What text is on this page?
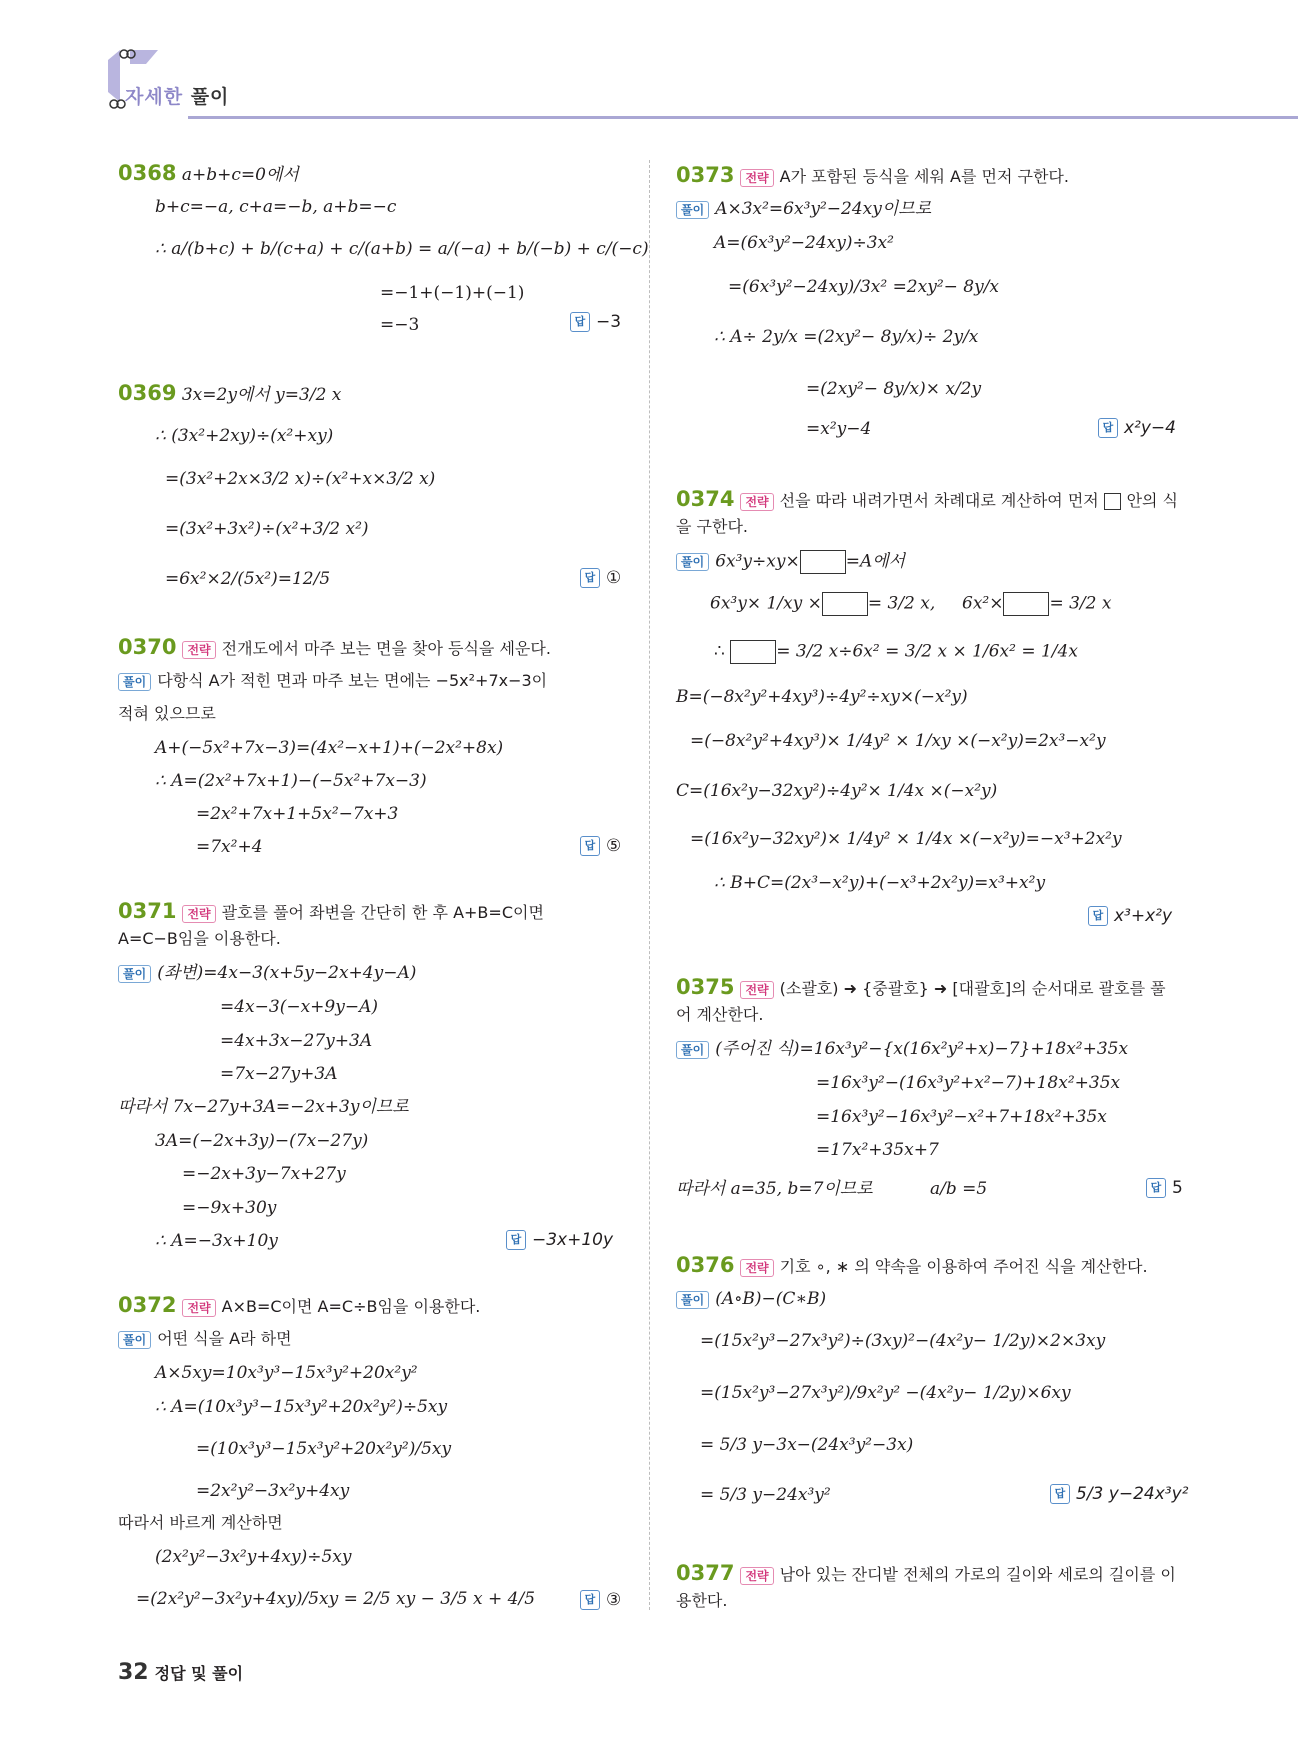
자세한 풀이
0368 a+b+c=0에서
b+c=−a, c+a=−b, a+b=−c
∴ a/(b+c) + b/(c+a) + c/(a+b) = a/(−a) + b/(−b) + c/(−c)
=−1+(−1)+(−1)
=−3	답 −3
0369 3x=2y에서 y=3/2 x
∴ (3x²+2xy)÷(x²+xy)
=(3x²+2x×3/2 x)÷(x²+x×3/2 x)
=(3x²+3x²)÷(x²+3/2 x²)
=6x²×2/(5x²)=12/5	답 ①
0370 전략 전개도에서 마주 보는 면을 찾아 등식을 세운다.
풀이 다항식 A가 적힌 면과 마주 보는 면에는 −5x²+7x−3이
적혀 있으므로
A+(−5x²+7x−3)=(4x²−x+1)+(−2x²+8x)
∴ A=(2x²+7x+1)−(−5x²+7x−3)
=2x²+7x+1+5x²−7x+3
=7x²+4	답 ⑤
0371 전략 괄호를 풀어 좌변을 간단히 한 후 A+B=C이면
A=C−B임을 이용한다.
풀이 (좌변)=4x−3(x+5y−2x+4y−A)
=4x−3(−x+9y−A)
=4x+3x−27y+3A
=7x−27y+3A
따라서 7x−27y+3A=−2x+3y이므로
3A=(−2x+3y)−(7x−27y)
=−2x+3y−7x+27y
=−9x+30y
∴ A=−3x+10y	답 −3x+10y
0372 전략 A×B=C이면 A=C÷B임을 이용한다.
풀이 어떤 식을 A라 하면
A×5xy=10x³y³−15x³y²+20x²y²
∴ A=(10x³y³−15x³y²+20x²y²)÷5xy
=(10x³y³−15x³y²+20x²y²)/5xy
=2x²y²−3x²y+4xy
따라서 바르게 계산하면
(2x²y²−3x²y+4xy)÷5xy
=(2x²y²−3x²y+4xy)/5xy = 2/5 xy − 3/5 x + 4/5	답 ③
0373 전략 A가 포함된 등식을 세워 A를 먼저 구한다.
풀이 A×3x²=6x³y²−24xy이므로
A=(6x³y²−24xy)÷3x²
=(6x³y²−24xy)/3x² =2xy²− 8y/x
∴ A÷ 2y/x =(2xy²− 8y/x)÷ 2y/x
=(2xy²− 8y/x)× x/2y
=x²y−4	답 x²y−4
0374 전략 선을 따라 내려가면서 차례대로 계산하여 먼저 안의 식
을 구한다.
풀이 6x³y÷xy×	=A에서
6x³y× 1/xy ×	= 3/2 x, 6x²×	= 3/2 x
∴	= 3/2 x÷6x² = 3/2 x × 1/6x² = 1/4x
B=(−8x²y²+4xy³)÷4y²÷xy×(−x²y)
=(−8x²y²+4xy³)× 1/4y² × 1/xy ×(−x²y)=2x³−x²y
C=(16x²y−32xy²)÷4y²× 1/4x ×(−x²y)
=(16x²y−32xy²)× 1/4y² × 1/4x ×(−x²y)=−x³+2x²y
∴ B+C=(2x³−x²y)+(−x³+2x²y)=x³+x²y
답 x³+x²y
0375 전략 (소괄호) ➜ {중괄호} ➜ [대괄호]의 순서대로 괄호를 풀
어 계산한다.
풀이 (주어진 식)=16x³y²−{x(16x²y²+x)−7}+18x²+35x
=16x³y²−(16x³y²+x²−7)+18x²+35x
=16x³y²−16x³y²−x²+7+18x²+35x
=17x²+35x+7
따라서 a=35, b=7이므로	a/b =5	답 5
0376 전략 기호 ∘, ∗ 의 약속을 이용하여 주어진 식을 계산한다.
풀이 (A∘B)−(C∗B)
=(15x²y³−27x³y²)÷(3xy)²−(4x²y− 1/2y)×2×3xy
=(15x²y³−27x³y²)/9x²y² −(4x²y− 1/2y)×6xy
= 5/3 y−3x−(24x³y²−3x)
= 5/3 y−24x³y²	답 5/3 y−24x³y²
0377 전략 남아 있는 잔디밭 전체의 가로의 길이와 세로의 길이를 이
용한다.
32 정답 및 풀이
